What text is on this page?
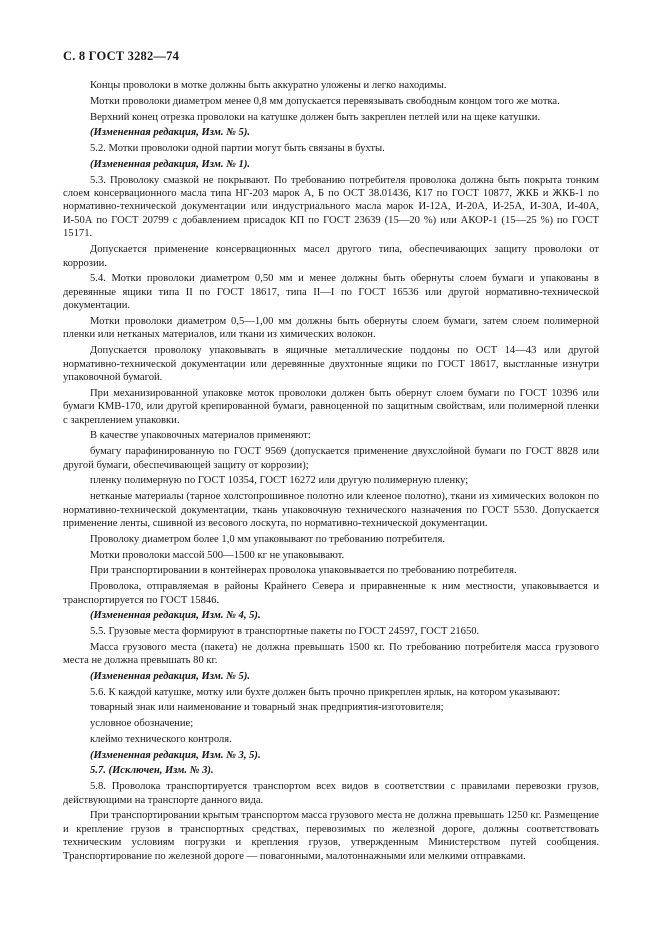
С. 8 ГОСТ 3282—74

Концы проволоки в мотке должны быть аккуратно уложены и легко находимы.

Мотки проволоки диаметром менее 0,8 мм допускается перевязывать свободным концом того же мотка.

Верхний конец отрезка проволоки на катушке должен быть закреплен петлей или на щеке катушки.

(Измененная редакция, Изм. № 5).

5.2. Мотки проволоки одной партии могут быть связаны в бухты.

(Измененная редакция, Изм. № 1).

5.3. Проволоку смазкой не покрывают. По требованию потребителя проволока должна быть покрыта тонким слоем консервационного масла типа НГ-203 марок А, Б по ОСТ 38.01436, К17 по ГОСТ 10877, ЖКБ и ЖКБ-1 по нормативно-технической документации или индустриального масла марок И-12А, И-20А, И-25А, И-30А, И-40А, И-50А по ГОСТ 20799 с добавлением присадок КП по ГОСТ 23639 (15—20 %) или АКОР-1 (15—25 %) по ГОСТ 15171.

Допускается применение консервационных масел другого типа, обеспечивающих защиту проволоки от коррозии.

5.4. Мотки проволоки диаметром 0,50 мм и менее должны быть обернуты слоем бумаги и упакованы в деревянные ящики типа II по ГОСТ 18617, типа II—I по ГОСТ 16536 или другой нормативно-технической документации.

Мотки проволоки диаметром 0,5—1,00 мм должны быть обернуты слоем бумаги, затем слоем полимерной пленки или нетканых материалов, или ткани из химических волокон.

Допускается проволоку упаковывать в ящичные металлические поддоны по ОСТ 14—43 или другой нормативно-технической документации или деревянные двухтонные ящики по ГОСТ 18617, выстланные изнутри упаковочной бумагой.

При механизированной упаковке моток проволоки должен быть обернут слоем бумаги по ГОСТ 10396 или бумаги КМВ-170, или другой крепированной бумаги, равноценной по защитным свойствам, или полимерной пленки с закреплением упаковки.

В качестве упаковочных материалов применяют:

бумагу парафинированную по ГОСТ 9569 (допускается применение двухслойной бумаги по ГОСТ 8828 или другой бумаги, обеспечивающей защиту от коррозии);

пленку полимерную по ГОСТ 10354, ГОСТ 16272 или другую полимерную пленку;

нетканые материалы (тарное холстопрошивное полотно или клееное полотно), ткани из химических волокон по нормативно-технической документации, ткань упаковочную технического назначения по ГОСТ 5530. Допускается применение ленты, сшивной из весового лоскута, по нормативно-технической документации.

Проволоку диаметром более 1,0 мм упаковывают по требованию потребителя.

Мотки проволоки массой 500—1500 кг не упаковывают.

При транспортировании в контейнерах проволока упаковывается по требованию потребителя.

Проволока, отправляемая в районы Крайнего Севера и приравненные к ним местности, упаковывается и транспортируется по ГОСТ 15846.

(Измененная редакция, Изм. № 4, 5).

5.5. Грузовые места формируют в транспортные пакеты по ГОСТ 24597, ГОСТ 21650.

Масса грузового места (пакета) не должна превышать 1500 кг. По требованию потребителя масса грузового места не должна превышать 80 кг.

(Измененная редакция, Изм. № 5).

5.6. К каждой катушке, мотку или бухте должен быть прочно прикреплен ярлык, на котором указывают:

товарный знак или наименование и товарный знак предприятия-изготовителя;

условное обозначение;

клеймо технического контроля.

(Измененная редакция, Изм. № 3, 5).

5.7. (Исключен, Изм. № 3).

5.8. Проволока транспортируется транспортом всех видов в соответствии с правилами перевозки грузов, действующими на транспорте данного вида.

При транспортировании крытым транспортом масса грузового места не должна превышать 1250 кг. Размещение и крепление грузов в транспортных средствах, перевозимых по железной дороге, должны соответствовать техническим условиям погрузки и крепления грузов, утвержденным Министерством путей сообщения. Транспортирование по железной дороге — повагонными, малотоннажными или мелкими отправками.
